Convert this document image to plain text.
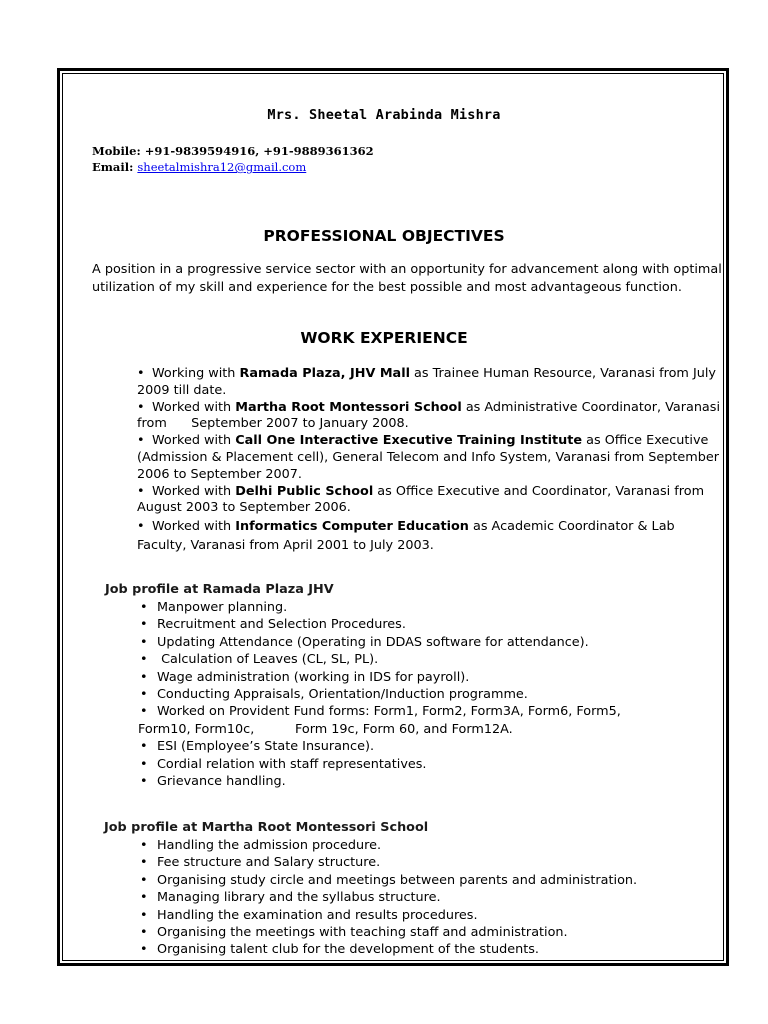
Mrs. Sheetal Arabinda Mishra
Mobile: +91-9839594916, +91-9889361362
Email: sheetalmishra12@gmail.com
PROFESSIONAL OBJECTIVES
A position in a progressive service sector with an opportunity for advancement along with optimal utilization of my skill and experience for the best possible and most advantageous function.
WORK EXPERIENCE
• Working with Ramada Plaza, JHV Mall as Trainee Human Resource, Varanasi from July 2009 till date.
• Worked with Martha Root Montessori School as Administrative Coordinator, Varanasi from      September 2007 to January 2008.
• Worked with Call One Interactive Executive Training Institute as Office Executive (Admission & Placement cell), General Telecom and Info System, Varanasi from September 2006 to September 2007.
• Worked with Delhi Public School as Office Executive and Coordinator, Varanasi from August 2003 to September 2006.
• Worked with Informatics Computer Education as Academic Coordinator & Lab Faculty, Varanasi from April 2001 to July 2003.
Job profile at Ramada Plaza JHV
• Manpower planning.
• Recruitment and Selection Procedures.
• Updating Attendance (Operating in DDAS software for attendance).
•  Calculation of Leaves (CL, SL, PL).
• Wage administration (working in IDS for payroll).
• Conducting Appraisals, Orientation/Induction programme.
• Worked on Provident Fund forms: Form1, Form2, Form3A, Form6, Form5,
Form10, Form10c,          Form 19c, Form 60, and Form12A.
• ESI (Employee’s State Insurance).
• Cordial relation with staff representatives.
• Grievance handling.
Job profile at Martha Root Montessori School
• Handling the admission procedure.
• Fee structure and Salary structure.
• Organising study circle and meetings between parents and administration.
• Managing library and the syllabus structure.
• Handling the examination and results procedures.
• Organising the meetings with teaching staff and administration.
• Organising talent club for the development of the students.
